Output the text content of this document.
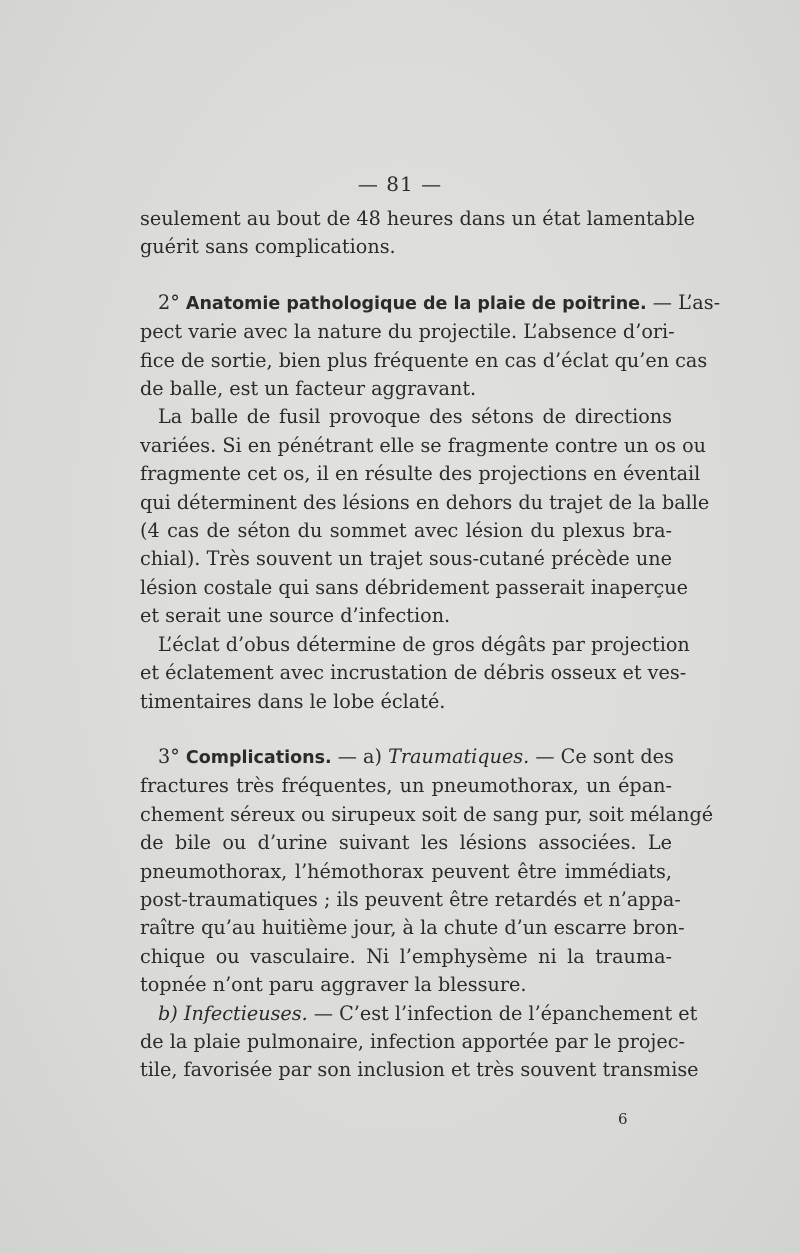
— 81 —
seulement au bout de 48 heures dans un état lamentable
guérit sans complications.
2° Anatomie pathologique de la plaie de poitrine. — L’as-
pect varie avec la nature du projectile. L’absence d’ori-
fice de sortie, bien plus fréquente en cas d’éclat qu’en cas
de balle, est un facteur aggravant.
La balle de fusil provoque des sétons de directions
variées. Si en pénétrant elle se fragmente contre un os ou
fragmente cet os, il en résulte des projections en éventail
qui déterminent des lésions en dehors du trajet de la balle
(4 cas de séton du sommet avec lésion du plexus bra-
chial). Très souvent un trajet sous-cutané précède une
lésion costale qui sans débridement passerait inaperçue
et serait une source d’infection.
L’éclat d’obus détermine de gros dégâts par projection
et éclatement avec incrustation de débris osseux et ves-
timentaires dans le lobe éclaté.
3° Complications. — a) Traumatiques. — Ce sont des
fractures très fréquentes, un pneumothorax, un épan-
chement séreux ou sirupeux soit de sang pur, soit mélangé
de bile ou d’urine suivant les lésions associées. Le
pneumothorax, l’hémothorax peuvent être immédiats,
post-traumatiques ; ils peuvent être retardés et n’appa-
raître qu’au huitième jour, à la chute d’un escarre bron-
chique ou vasculaire. Ni l’emphysème ni la trauma-
topnée n’ont paru aggraver la blessure.
b) Infectieuses. — C’est l’infection de l’épanchement et
de la plaie pulmonaire, infection apportée par le projec-
tile, favorisée par son inclusion et très souvent transmise
6
